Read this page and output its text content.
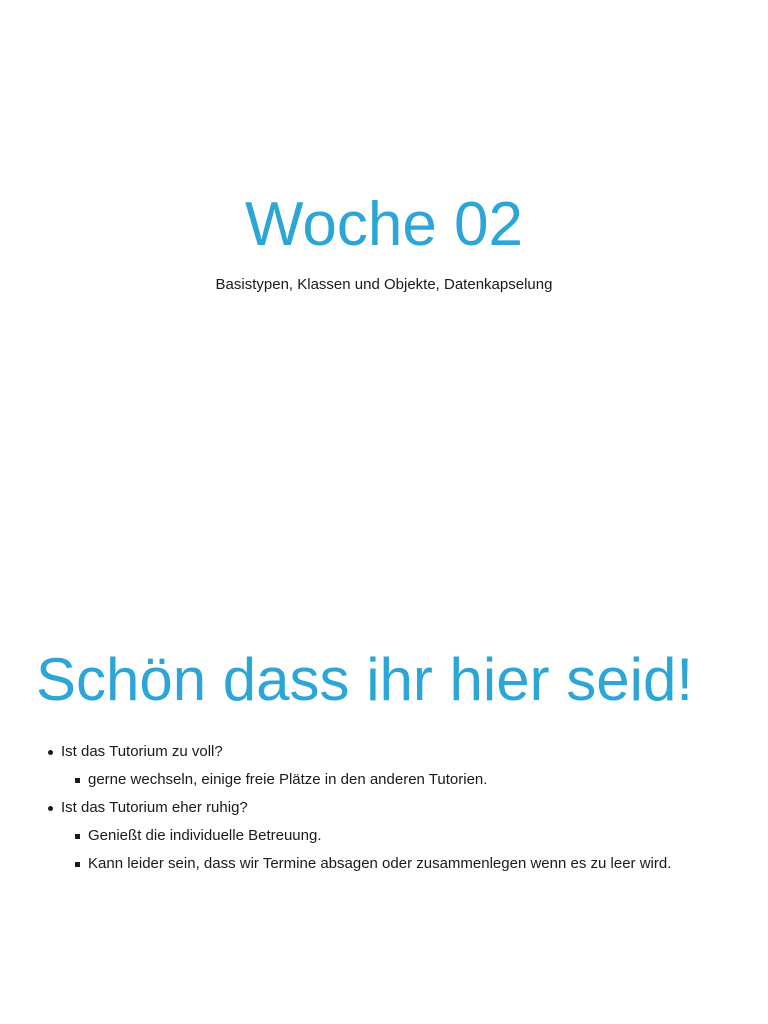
Woche 02

Basistypen, Klassen und Objekte, Datenkapselung

Schön dass ihr hier seid!
Ist das Tutorium zu voll?
gerne wechseln, einige freie Plätze in den anderen Tutorien.
Ist das Tutorium eher ruhig?
Genießt die individuelle Betreuung.
Kann leider sein, dass wir Termine absagen oder zusammenlegen wenn es zu leer wird.
